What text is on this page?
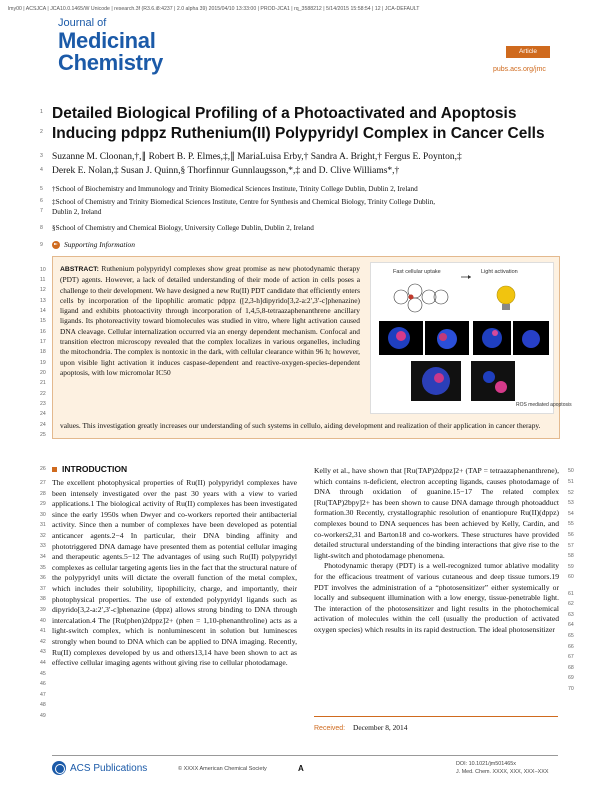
lmy00 | ACSJCA | JCA10.0.1465/W Unicode | research.3f (R3.6.i8:4237 | 2.0 alpha 39) 2015/04/10 13:33:00 | PROD-JCA1 | rq_3588212 | 5/14/2015 15:58:54 | 12 | JCA-DEFAULT
Journal of
Medicinal
Chemistry	Article
pubs.acs.org/jmc
1
2
3
4
5
6
7
8
9
10
11
12
13
14
15
16
17
18
19
20
21
22
23
24
24
25
26
27
28
29
30
31
32
33
34
35
36
37
38
39
40
41
42
43
44
45
46
47
48
49
50
51
52
53
54
55
56
57
58
59
60
61
62
63
64
65
66
67
68
69
70
Detailed Biological Profiling of a Photoactivated and Apoptosis
Inducing pdppz Ruthenium(II) Polypyridyl Complex in Cancer Cells
Suzanne M. Cloonan,†,∥ Robert B. P. Elmes,‡,∥ MariaLuisa Erby,† Sandra A. Bright,† Fergus E. Poynton,‡
Derek E. Nolan,‡ Susan J. Quinn,§ Thorfinnur Gunnlaugsson,*,‡ and D. Clive Williams*,†
†School of Biochemistry and Immunology and Trinity Biomedical Sciences Institute, Trinity College Dublin, Dublin 2, Ireland
‡School of Chemistry and Trinity Biomedical Sciences Institute, Centre for Synthesis and Chemical Biology, Trinity College Dublin,
Dublin 2, Ireland
§School of Chemistry and Chemical Biology, University College Dublin, Dublin 2, Ireland
Supporting Information
ABSTRACT: Ruthenium polypyridyl complexes show great promise as new photodynamic therapy (PDT) agents. However, a lack of detailed understanding of their mode of action in cells poses a challenge to their development. We have designed a new Ru(II) PDT candidate that efficiently enters cells by incorporation of the lipophilic aromatic pdppz ([2,3-h]dipyrido[3,2-a:2′,3′-c]phenazine) ligand and exhibits photoactivity through incorporation of 1,4,5,8-tetraazaphenanthrene ancillary ligands. Its photoreactivity toward biomolecules was studied in vitro, where light activation caused DNA cleavage. Cellular internalization occurred via an energy dependent mechanism. Confocal and transition electron microscopy revealed that the complex localizes in various organelles, including the mitochondria. The complex is nontoxic in the dark, with cellular clearance within 96 h; however, upon visible light activation it induces caspase-dependent and reactive-oxygen-species-dependent apoptosis, with low micromolar IC50
values. This investigation greatly increases our understanding of such systems in cellulo, aiding development and realization of their application in cancer therapy.
Fast cellular uptake	Light activation
ROS mediated apoptosis
INTRODUCTION

The excellent photophysical properties of Ru(II) polypyridyl complexes have been intensely investigated over the past 30 years with a view to varied applications.1 The biological activity of Ru(II) complexes has been investigated since the early 1950s when Dwyer and co-workers reported their antibacterial activity. Since then a number of complexes have been developed as potential anticancer agents.2−4 In particular, their DNA binding affinity and phototriggered DNA damage have presented them as potential cellular imaging and therapeutic agents.5−12 The advantages of using such Ru(II) polypyridyl complexes as cellular targeting agents lies in the fact that the structural nature of the polypyridyl units will dictate the overall function of the metal complex, which includes their solubility, lipophilicity, charge, and importantly, their photophysical properties. The use of extended polypyridyl ligands such as dipyrido[3,2-a:2′,3′-c]phenazine (dppz) allows strong binding to DNA through intercalation.4 The [Ru(phen)2dppz]2+ (phen = 1,10-phenanthroline) acts as a light-switch complex, which is nonluminescent in solution but luminesces strongly when bound to DNA which can be applied to DNA imaging. Recently, Ru(II) complexes developed by us and others13,14 have been shown to act as effective cellular imaging agents without giving rise to cellular photodamage.

Kelly et al., have shown that [Ru(TAP)2dppz]2+ (TAP = tetraazaphenanthrene), which contains π-deficient, electron accepting ligands, causes photodamage of DNA through oxidation of guanine.15−17 The related complex [Ru(TAP)2bpy]2+ has been shown to cause DNA damage through photoadduct formation.30 Recently, crystallographic resolution of enantiopure Ru(II)(dppz) complexes bound to DNA sequences has been achieved by Kelly, Cardin, and co-workers2,31 and Barton18 and co-workers. These structures have provided detailed structural understanding of the binding interactions that give rise to the light-switch and photodamage phenomena.

Photodynamic therapy (PDT) is a well-recognized tumor ablative modality for the efficacious treatment of various cutaneous and deep tissue tumors.19 PDT involves the administration of a “photosensitizer” either systemically or locally and subsequent illumination with a low energy, tissue-penetrable light. The interaction of the photosensitizer and light results in the photochemical activation of molecules within the cell (usually the production of activated oxygen species) which results in its rapid destruction. The ideal photosensitizer

Received: December 8, 2014
ACS Publications	© XXXX American Chemical Society	A	DOI: 10.1021/jm501465x
J. Med. Chem. XXXX, XXX, XXX−XXX
